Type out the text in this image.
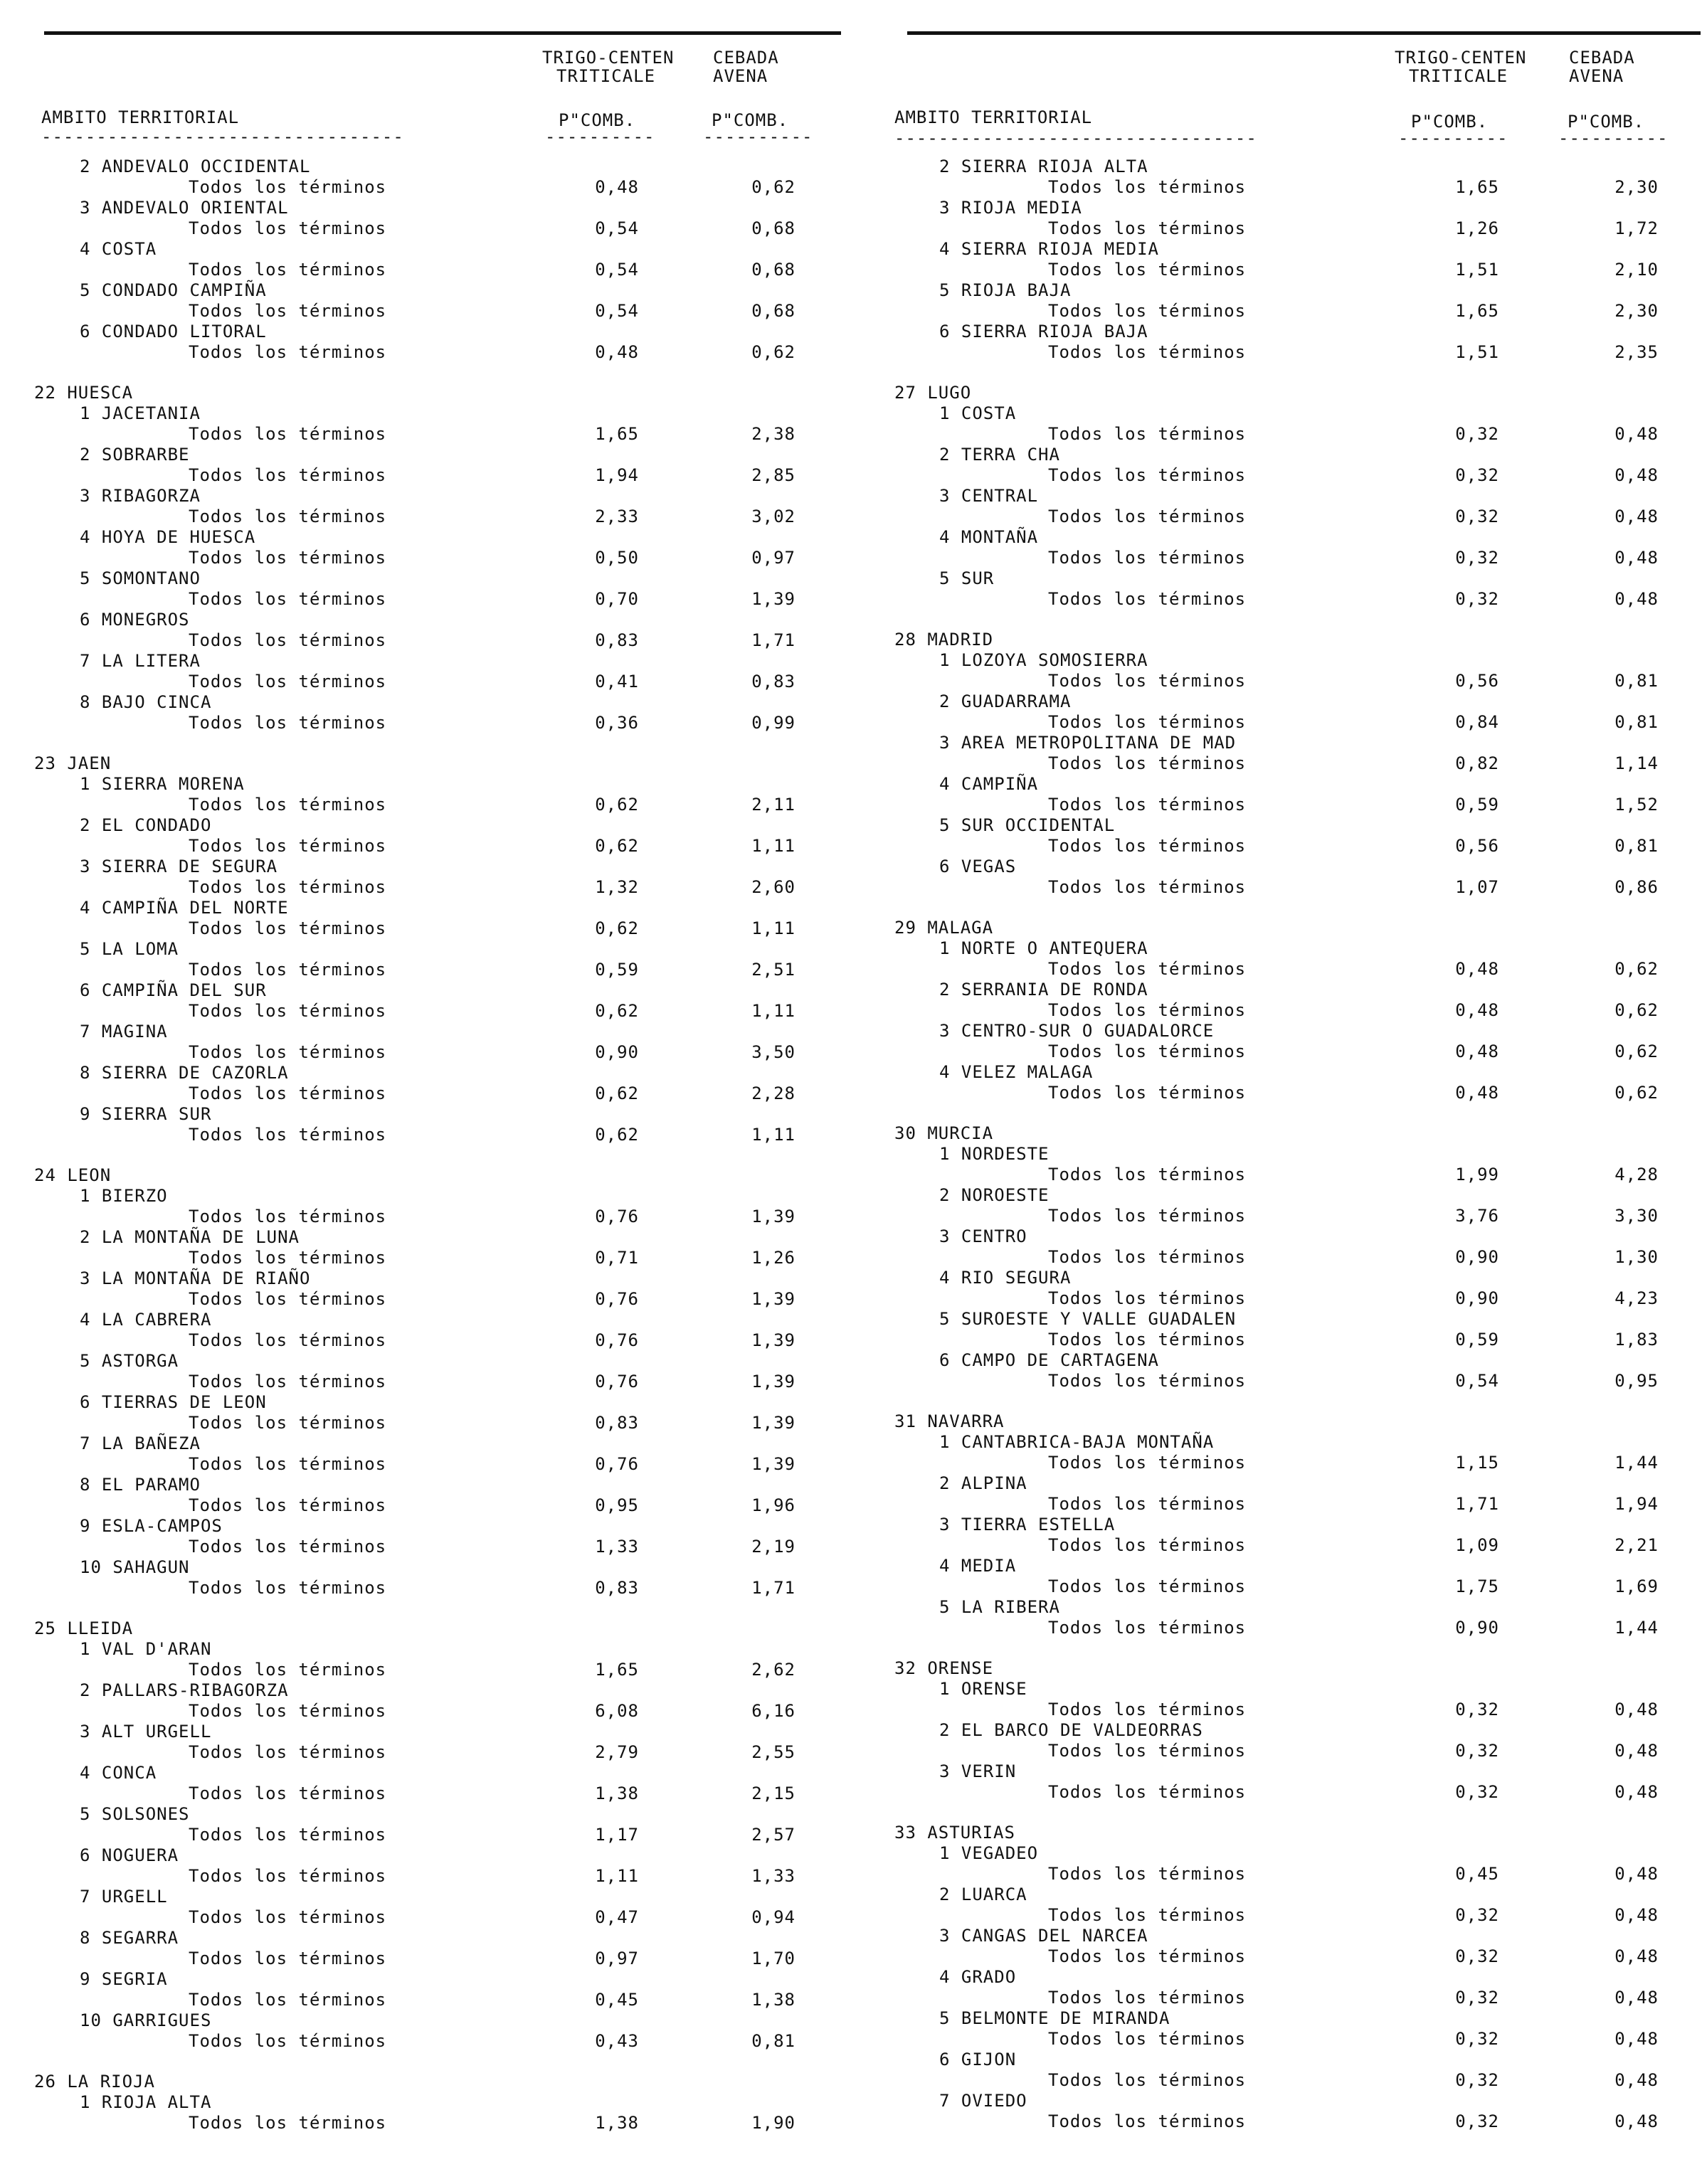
TRIGO-CENTEN
TRITICALE
CEBADA
AVENA
AMBITO TERRITORIAL	P"COMB.	P"COMB.
---------------------------------	----------	----------
2 ANDEVALO OCCIDENTAL
Todos los términos	0,48	0,62
3 ANDEVALO ORIENTAL
Todos los términos	0,54	0,68
4 COSTA
Todos los términos	0,54	0,68
5 CONDADO CAMPIÑA
Todos los términos	0,54	0,68
6 CONDADO LITORAL
Todos los términos	0,48	0,62
22 HUESCA
1 JACETANIA
Todos los términos	1,65	2,38
2 SOBRARBE
Todos los términos	1,94	2,85
3 RIBAGORZA
Todos los términos	2,33	3,02
4 HOYA DE HUESCA
Todos los términos	0,50	0,97
5 SOMONTANO
Todos los términos	0,70	1,39
6 MONEGROS
Todos los términos	0,83	1,71
7 LA LITERA
Todos los términos	0,41	0,83
8 BAJO CINCA
Todos los términos	0,36	0,99
23 JAEN
1 SIERRA MORENA
Todos los términos	0,62	2,11
2 EL CONDADO
Todos los términos	0,62	1,11
3 SIERRA DE SEGURA
Todos los términos	1,32	2,60
4 CAMPIÑA DEL NORTE
Todos los términos	0,62	1,11
5 LA LOMA
Todos los términos	0,59	2,51
6 CAMPIÑA DEL SUR
Todos los términos	0,62	1,11
7 MAGINA
Todos los términos	0,90	3,50
8 SIERRA DE CAZORLA
Todos los términos	0,62	2,28
9 SIERRA SUR
Todos los términos	0,62	1,11
24 LEON
1 BIERZO
Todos los términos	0,76	1,39
2 LA MONTAÑA DE LUNA
Todos los términos	0,71	1,26
3 LA MONTAÑA DE RIAÑO
Todos los términos	0,76	1,39
4 LA CABRERA
Todos los términos	0,76	1,39
5 ASTORGA
Todos los términos	0,76	1,39
6 TIERRAS DE LEON
Todos los términos	0,83	1,39
7 LA BAÑEZA
Todos los términos	0,76	1,39
8 EL PARAMO
Todos los términos	0,95	1,96
9 ESLA-CAMPOS
Todos los términos	1,33	2,19
10 SAHAGUN
Todos los términos	0,83	1,71
25 LLEIDA
1 VAL D'ARAN
Todos los términos	1,65	2,62
2 PALLARS-RIBAGORZA
Todos los términos	6,08	6,16
3 ALT URGELL
Todos los términos	2,79	2,55
4 CONCA
Todos los términos	1,38	2,15
5 SOLSONES
Todos los términos	1,17	2,57
6 NOGUERA
Todos los términos	1,11	1,33
7 URGELL
Todos los términos	0,47	0,94
8 SEGARRA
Todos los términos	0,97	1,70
9 SEGRIA
Todos los términos	0,45	1,38
10 GARRIGUES
Todos los términos	0,43	0,81
26 LA RIOJA
1 RIOJA ALTA
Todos los términos	1,38	1,90
TRIGO-CENTEN
TRITICALE
CEBADA
AVENA
AMBITO TERRITORIAL	P"COMB.	P"COMB.
---------------------------------	----------	----------
2 SIERRA RIOJA ALTA
Todos los términos	1,65	2,30
3 RIOJA MEDIA
Todos los términos	1,26	1,72
4 SIERRA RIOJA MEDIA
Todos los términos	1,51	2,10
5 RIOJA BAJA
Todos los términos	1,65	2,30
6 SIERRA RIOJA BAJA
Todos los términos	1,51	2,35
27 LUGO
1 COSTA
Todos los términos	0,32	0,48
2 TERRA CHA
Todos los términos	0,32	0,48
3 CENTRAL
Todos los términos	0,32	0,48
4 MONTAÑA
Todos los términos	0,32	0,48
5 SUR
Todos los términos	0,32	0,48
28 MADRID
1 LOZOYA SOMOSIERRA
Todos los términos	0,56	0,81
2 GUADARRAMA
Todos los términos	0,84	0,81
3 AREA METROPOLITANA DE MAD
Todos los términos	0,82	1,14
4 CAMPIÑA
Todos los términos	0,59	1,52
5 SUR OCCIDENTAL
Todos los términos	0,56	0,81
6 VEGAS
Todos los términos	1,07	0,86
29 MALAGA
1 NORTE O ANTEQUERA
Todos los términos	0,48	0,62
2 SERRANIA DE RONDA
Todos los términos	0,48	0,62
3 CENTRO-SUR O GUADALORCE
Todos los términos	0,48	0,62
4 VELEZ MALAGA
Todos los términos	0,48	0,62
30 MURCIA
1 NORDESTE
Todos los términos	1,99	4,28
2 NOROESTE
Todos los términos	3,76	3,30
3 CENTRO
Todos los términos	0,90	1,30
4 RIO SEGURA
Todos los términos	0,90	4,23
5 SUROESTE Y VALLE GUADALEN
Todos los términos	0,59	1,83
6 CAMPO DE CARTAGENA
Todos los términos	0,54	0,95
31 NAVARRA
1 CANTABRICA-BAJA MONTAÑA
Todos los términos	1,15	1,44
2 ALPINA
Todos los términos	1,71	1,94
3 TIERRA ESTELLA
Todos los términos	1,09	2,21
4 MEDIA
Todos los términos	1,75	1,69
5 LA RIBERA
Todos los términos	0,90	1,44
32 ORENSE
1 ORENSE
Todos los términos	0,32	0,48
2 EL BARCO DE VALDEORRAS
Todos los términos	0,32	0,48
3 VERIN
Todos los términos	0,32	0,48
33 ASTURIAS
1 VEGADEO
Todos los términos	0,45	0,48
2 LUARCA
Todos los términos	0,32	0,48
3 CANGAS DEL NARCEA
Todos los términos	0,32	0,48
4 GRADO
Todos los términos	0,32	0,48
5 BELMONTE DE MIRANDA
Todos los términos	0,32	0,48
6 GIJON
Todos los términos	0,32	0,48
7 OVIEDO
Todos los términos	0,32	0,48
